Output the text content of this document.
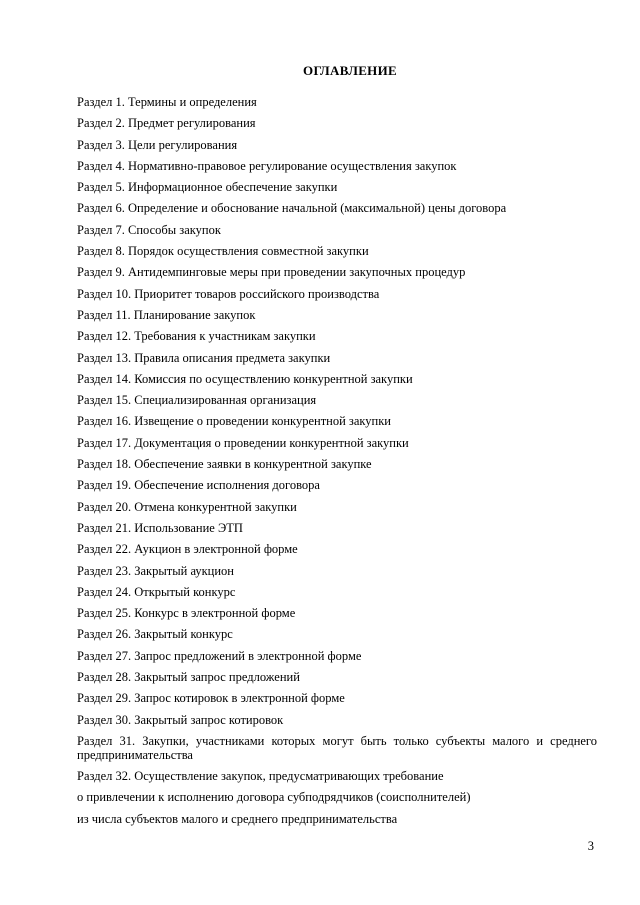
ОГЛАВЛЕНИЕ
Раздел 1. Термины и определения
Раздел 2. Предмет регулирования
Раздел 3. Цели регулирования
Раздел 4. Нормативно-правовое регулирование осуществления закупок
Раздел 5. Информационное обеспечение закупки
Раздел 6. Определение и обоснование начальной (максимальной) цены договора
Раздел 7. Способы закупок
Раздел 8. Порядок осуществления совместной закупки
Раздел 9. Антидемпинговые меры при проведении закупочных процедур
Раздел 10. Приоритет товаров российского производства
Раздел 11. Планирование закупок
Раздел 12. Требования к участникам закупки
Раздел 13. Правила описания предмета закупки
Раздел 14. Комиссия по осуществлению конкурентной закупки
Раздел 15. Специализированная организация
Раздел 16. Извещение о проведении конкурентной закупки
Раздел 17. Документация о проведении конкурентной закупки
Раздел 18. Обеспечение заявки в конкурентной закупке
Раздел 19. Обеспечение исполнения договора
Раздел 20. Отмена конкурентной закупки
Раздел 21. Использование ЭТП
Раздел 22. Аукцион в электронной форме
Раздел 23. Закрытый аукцион
Раздел 24. Открытый конкурс
Раздел 25. Конкурс в электронной форме
Раздел 26. Закрытый конкурс
Раздел 27. Запрос предложений в электронной форме
Раздел 28. Закрытый запрос предложений
Раздел 29. Запрос котировок в электронной форме
Раздел 30. Закрытый запрос котировок
Раздел 31. Закупки, участниками которых могут быть только субъекты малого и среднего предпринимательства
Раздел 32. Осуществление закупок, предусматривающих требование
о привлечении к исполнению договора субподрядчиков (соисполнителей)
из числа субъектов малого и среднего предпринимательства
3
